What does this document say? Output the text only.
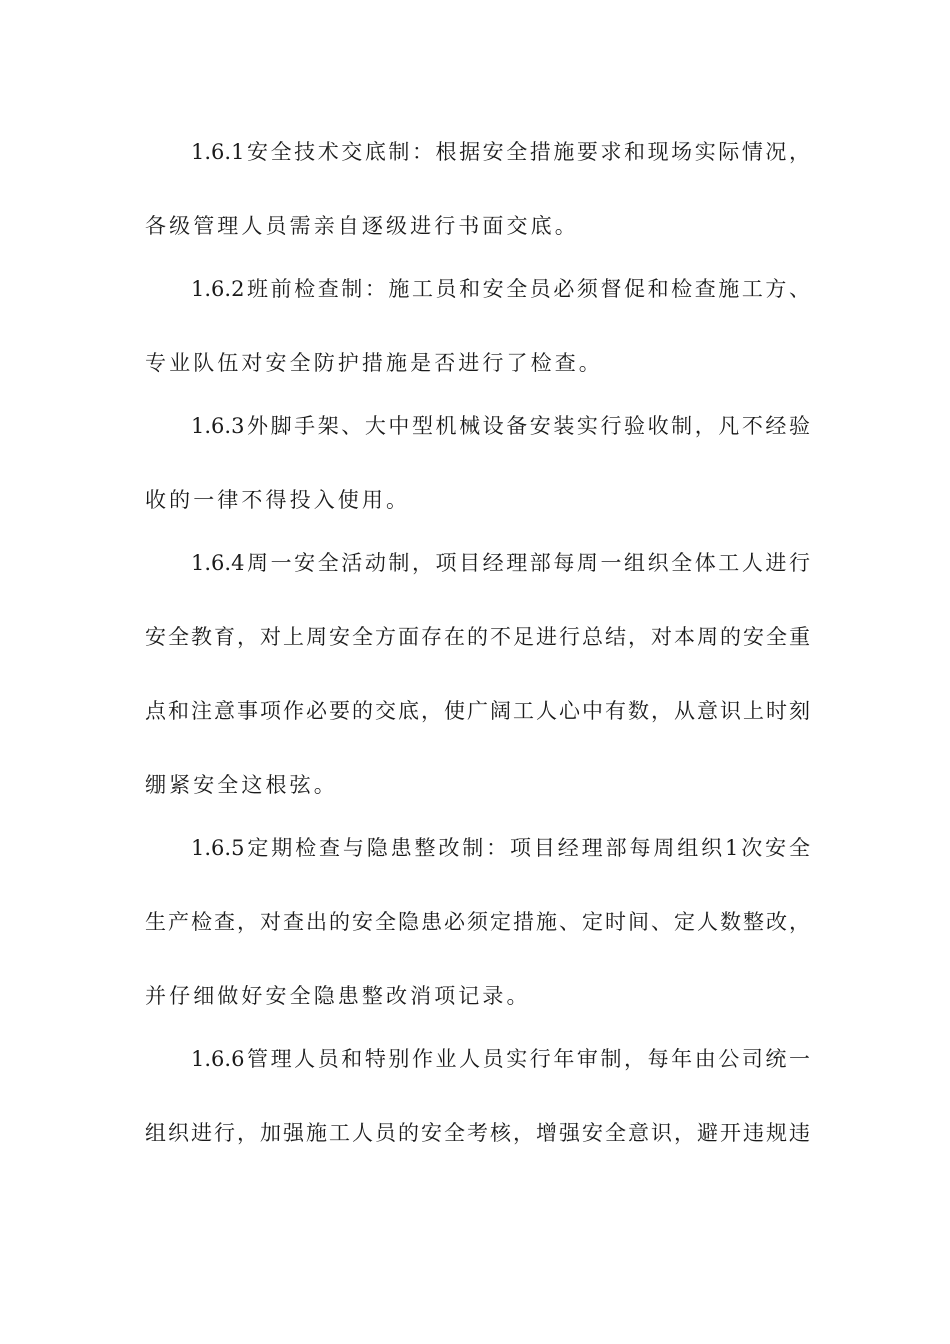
1.6.1安全技术交底制：根据安全措施要求和现场实际情况，
各级管理人员需亲自逐级进行书面交底。
1.6.2班前检查制：施工员和安全员必须督促和检查施工方、
专业队伍对安全防护措施是否进行了检查。
1.6.3外脚手架、大中型机械设备安装实行验收制，凡不经验
收的一律不得投入使用。
1.6.4周一安全活动制，项目经理部每周一组织全体工人进行
安全教育，对上周安全方面存在的不足进行总结，对本周的安全重
点和注意事项作必要的交底，使广阔工人心中有数，从意识上时刻
绷紧安全这根弦。
1.6.5定期检查与隐患整改制：项目经理部每周组织1次安全
生产检查，对查出的安全隐患必须定措施、定时间、定人数整改，
并仔细做好安全隐患整改消项记录。
1.6.6管理人员和特别作业人员实行年审制，每年由公司统一
组织进行，加强施工人员的安全考核，增强安全意识，避开违规违
